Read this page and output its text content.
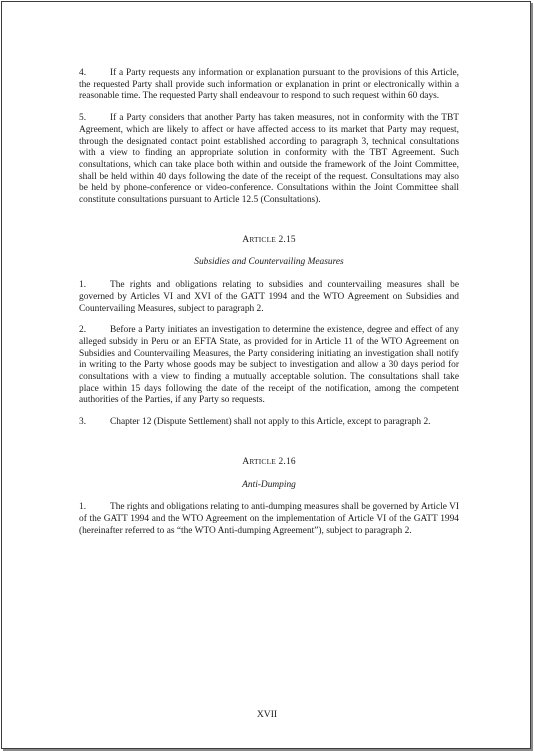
4.	If a Party requests any information or explanation pursuant to the provisions of this Article, the requested Party shall provide such information or explanation in print or electronically within a reasonable time. The requested Party shall endeavour to respond to such request within 60 days.

5.	If a Party considers that another Party has taken measures, not in conformity with the TBT Agreement, which are likely to affect or have affected access to its market that Party may request, through the designated contact point established according to paragraph 3, technical consultations with a view to finding an appropriate solution in conformity with the TBT Agreement. Such consultations, which can take place both within and outside the framework of the Joint Committee, shall be held within 40 days following the date of the receipt of the request. Consultations may also be held by phone-conference or video-conference. Consultations within the Joint Committee shall constitute consultations pursuant to Article 12.5 (Consultations).

ARTICLE 2.15
Subsidies and Countervailing Measures

1.	The rights and obligations relating to subsidies and countervailing measures shall be governed by Articles VI and XVI of the GATT 1994 and the WTO Agreement on Subsidies and Countervailing Measures, subject to paragraph 2.

2.	Before a Party initiates an investigation to determine the existence, degree and effect of any alleged subsidy in Peru or an EFTA State, as provided for in Article 11 of the WTO Agreement on Subsidies and Countervailing Measures, the Party considering initiating an investigation shall notify in writing to the Party whose goods may be subject to investigation and allow a 30 days period for consultations with a view to finding a mutually acceptable solution. The consultations shall take place within 15 days following the date of the receipt of the notification, among the competent authorities of the Parties, if any Party so requests.

3.	Chapter 12 (Dispute Settlement) shall not apply to this Article, except to paragraph 2.

ARTICLE 2.16
Anti-Dumping

1.	The rights and obligations relating to anti-dumping measures shall be governed by Article VI of the GATT 1994 and the WTO Agreement on the implementation of Article VI of the GATT 1994 (hereinafter referred to as “the WTO Anti-dumping Agreement”), subject to paragraph 2.

XVII
